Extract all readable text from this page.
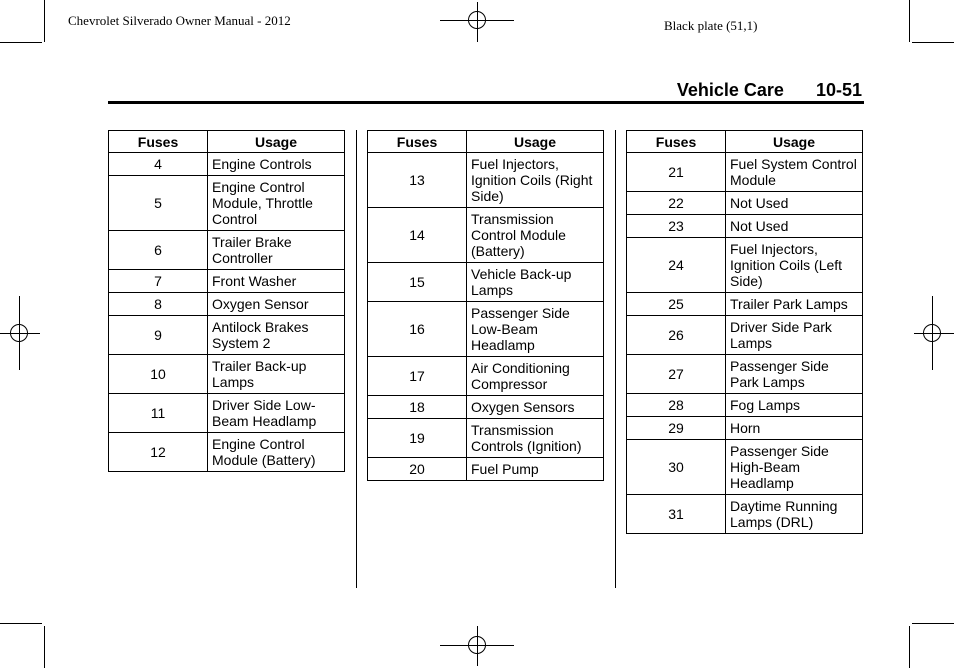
Chevrolet Silverado Owner Manual - 2012	Black plate (51,1)
Vehicle Care 10-51
Fuses	Usage
4	Engine Controls
5	Engine Control Module, Throttle Control
6	Trailer Brake Controller
7	Front Washer
8	Oxygen Sensor
9	Antilock Brakes System 2
10	Trailer Back-up Lamps
11	Driver Side Low-Beam Headlamp
12	Engine Control Module (Battery)
Fuses	Usage
13	Fuel Injectors, Ignition Coils (Right Side)
14	Transmission Control Module (Battery)
15	Vehicle Back-up Lamps
16	Passenger Side Low-Beam Headlamp
17	Air Conditioning Compressor
18	Oxygen Sensors
19	Transmission Controls (Ignition)
20	Fuel Pump
Fuses	Usage
21	Fuel System Control Module
22	Not Used
23	Not Used
24	Fuel Injectors, Ignition Coils (Left Side)
25	Trailer Park Lamps
26	Driver Side Park Lamps
27	Passenger Side Park Lamps
28	Fog Lamps
29	Horn
30	Passenger Side High-Beam Headlamp
31	Daytime Running Lamps (DRL)
